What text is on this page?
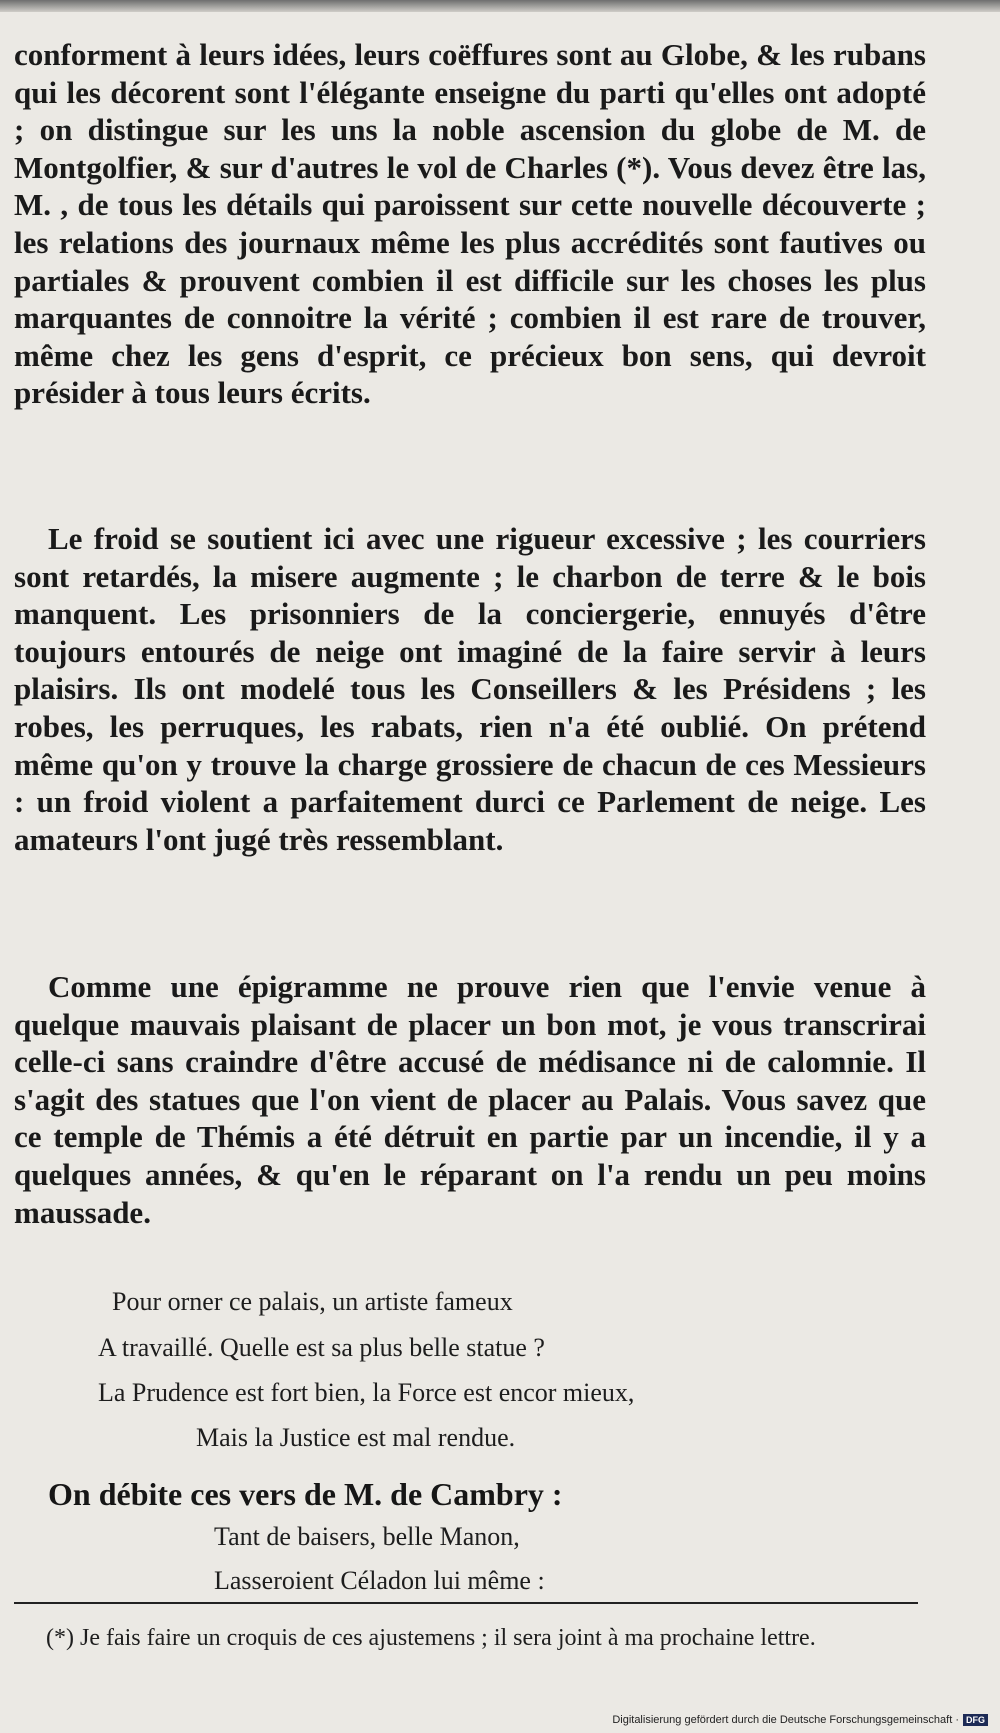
conforment à leurs idées, leurs coëffures sont au Globe, & les rubans qui les décorent sont l'élégante enseigne du parti qu'elles ont adopté ; on distingue sur les uns la noble ascension du globe de M. de Montgolfier, & sur d'autres le vol de Charles (*). Vous devez être las, M. , de tous les détails qui paroissent sur cette nouvelle découverte ; les relations des journaux même les plus accrédités sont fautives ou partiales & prouvent combien il est difficile sur les choses les plus marquantes de connoitre la vérité ; combien il est rare de trouver, même chez les gens d'esprit, ce précieux bon sens, qui devroit présider à tous leurs écrits.

Le froid se soutient ici avec une rigueur excessive ; les courriers sont retardés, la misere augmente ; le charbon de terre & le bois manquent. Les prisonniers de la conciergerie, ennuyés d'être toujours entourés de neige ont imaginé de la faire servir à leurs plaisirs. Ils ont modelé tous les Conseillers & les Présidens ; les robes, les perruques, les rabats, rien n'a été oublié. On prétend même qu'on y trouve la charge grossiere de chacun de ces Messieurs : un froid violent a parfaitement durci ce Parlement de neige. Les amateurs l'ont jugé très ressemblant.

Comme une épigramme ne prouve rien que l'envie venue à quelque mauvais plaisant de placer un bon mot, je vous transcrirai celle-ci sans craindre d'être accusé de médisance ni de calomnie. Il s'agit des statues que l'on vient de placer au Palais. Vous savez que ce temple de Thémis a été détruit en partie par un incendie, il y a quelques années, & qu'en le réparant on l'a rendu un peu moins maussade.

Pour orner ce palais, un artiste fameux
A travaillé. Quelle est sa plus belle statue ?
La Prudence est fort bien, la Force est encor mieux,
Mais la Justice est mal rendue.
On débite ces vers de M. de Cambry :
Tant de baisers, belle Manon,
Lasseroient Céladon lui même :
(*) Je fais faire un croquis de ces ajustemens ; il sera joint à ma prochaine lettre.
Digitalisierung gefördert durch die Deutsche Forschungsgemeinschaft · DFG
